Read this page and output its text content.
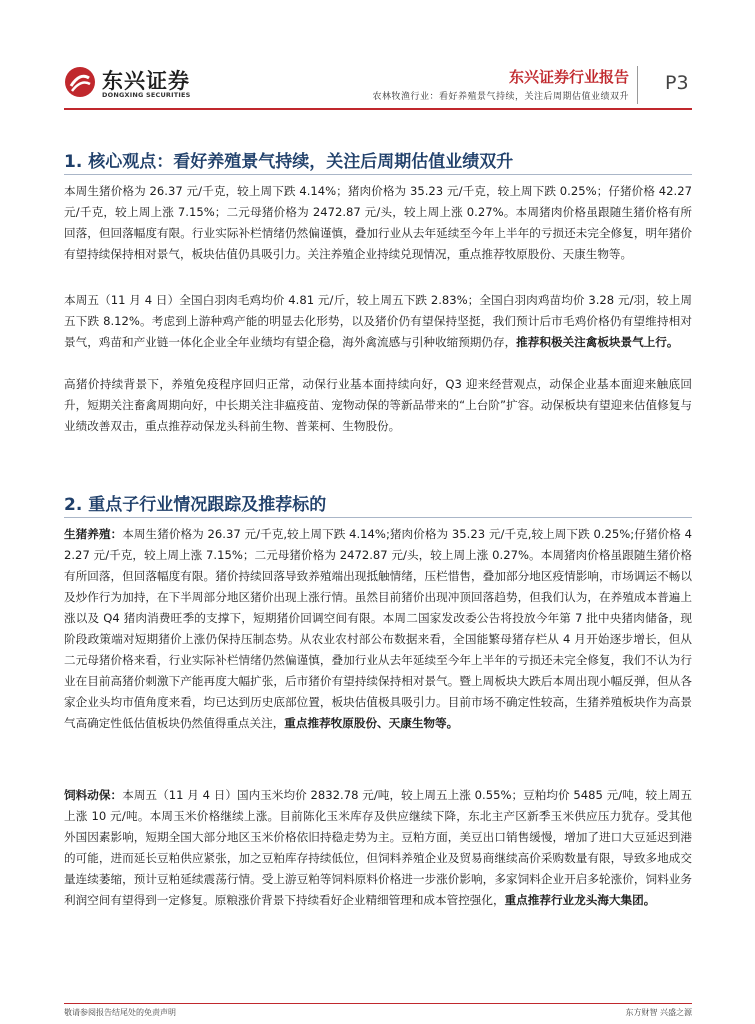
东兴证券
DONGXING SECURITIES
东兴证券行业报告
农林牧渔行业：看好养殖景气持续，关注后周期估值业绩双升
P3
1. 核心观点：看好养殖景气持续，关注后周期估值业绩双升

本周生猪价格为 26.37 元/千克，较上周下跌 4.14%；猪肉价格为 35.23 元/千克，较上周下跌 0.25%；仔猪价格 42.27 元/千克，较上周上涨 7.15%；二元母猪价格为 2472.87 元/头，较上周上涨 0.27%。本周猪肉价格虽跟随生猪价格有所回落，但回落幅度有限。行业实际补栏情绪仍然偏谨慎，叠加行业从去年延续至今年上半年的亏损还未完全修复，明年猪价有望持续保持相对景气，板块估值仍具吸引力。关注养殖企业持续兑现情况，重点推荐牧原股份、天康生物等。

本周五（11 月 4 日）全国白羽肉毛鸡均价 4.81 元/斤，较上周五下跌 2.83%；全国白羽肉鸡苗均价 3.28 元/羽，较上周五下跌 8.12%。考虑到上游种鸡产能的明显去化形势，以及猪价仍有望保持坚挺，我们预计后市毛鸡价格仍有望维持相对景气，鸡苗和产业链一体化企业全年业绩均有望企稳，海外禽流感与引种收缩预期仍存，推荐积极关注禽板块景气上行。

高猪价持续背景下，养殖免疫程序回归正常，动保行业基本面持续向好，Q3 迎来经营观点，动保企业基本面迎来触底回升，短期关注畜禽周期向好，中长期关注非瘟疫苗、宠物动保的等新品带来的“上台阶”扩容。动保板块有望迎来估值修复与业绩改善双击，重点推荐动保龙头科前生物、普莱柯、生物股份。

2. 重点子行业情况跟踪及推荐标的

生猪养殖：本周生猪价格为 26.37 元/千克,较上周下跌 4.14%;猪肉价格为 35.23 元/千克,较上周下跌 0.25%;仔猪价格 42.27 元/千克，较上周上涨 7.15%；二元母猪价格为 2472.87 元/头，较上周上涨 0.27%。本周猪肉价格虽跟随生猪价格有所回落，但回落幅度有限。猪价持续回落导致养殖端出现抵触情绪，压栏惜售，叠加部分地区疫情影响，市场调运不畅以及炒作行为加持，在下半周部分地区猪价出现上涨行情。虽然目前猪价出现冲顶回落趋势，但我们认为，在养殖成本普遍上涨以及 Q4 猪肉消费旺季的支撑下，短期猪价回调空间有限。本周二国家发改委公告将投放今年第 7 批中央猪肉储备，现阶段政策端对短期猪价上涨仍保持压制态势。从农业农村部公布数据来看，全国能繁母猪存栏从 4 月开始逐步增长，但从二元母猪价格来看，行业实际补栏情绪仍然偏谨慎，叠加行业从去年延续至今年上半年的亏损还未完全修复，我们不认为行业在目前高猪价刺激下产能再度大幅扩张，后市猪价有望持续保持相对景气。暨上周板块大跌后本周出现小幅反弹，但从各家企业头均市值角度来看，均已达到历史底部位置，板块估值极具吸引力。目前市场不确定性较高，生猪养殖板块作为高景气高确定性低估值板块仍然值得重点关注，重点推荐牧原股份、天康生物等。

饲料动保：本周五（11 月 4 日）国内玉米均价 2832.78 元/吨，较上周五上涨 0.55%；豆粕均价 5485 元/吨，较上周五上涨 10 元/吨。本周玉米价格继续上涨。目前陈化玉米库存及供应继续下降，东北主产区新季玉米供应压力犹存。受其他外国因素影响，短期全国大部分地区玉米价格依旧持稳走势为主。豆粕方面，美豆出口销售缓慢，增加了进口大豆延迟到港的可能，进而延长豆粕供应紧张，加之豆粕库存持续低位，但饲料养殖企业及贸易商继续高价采购数量有限，导致多地成交量连续萎缩，预计豆粕延续震荡行情。受上游豆粕等饲料原料价格进一步涨价影响，多家饲料企业开启多轮涨价，饲料业务利润空间有望得到一定修复。原粮涨价背景下持续看好企业精细管理和成本管控强化，重点推荐行业龙头海大集团。

敬请参阅报告结尾处的免责声明	东方财智 兴盛之源
